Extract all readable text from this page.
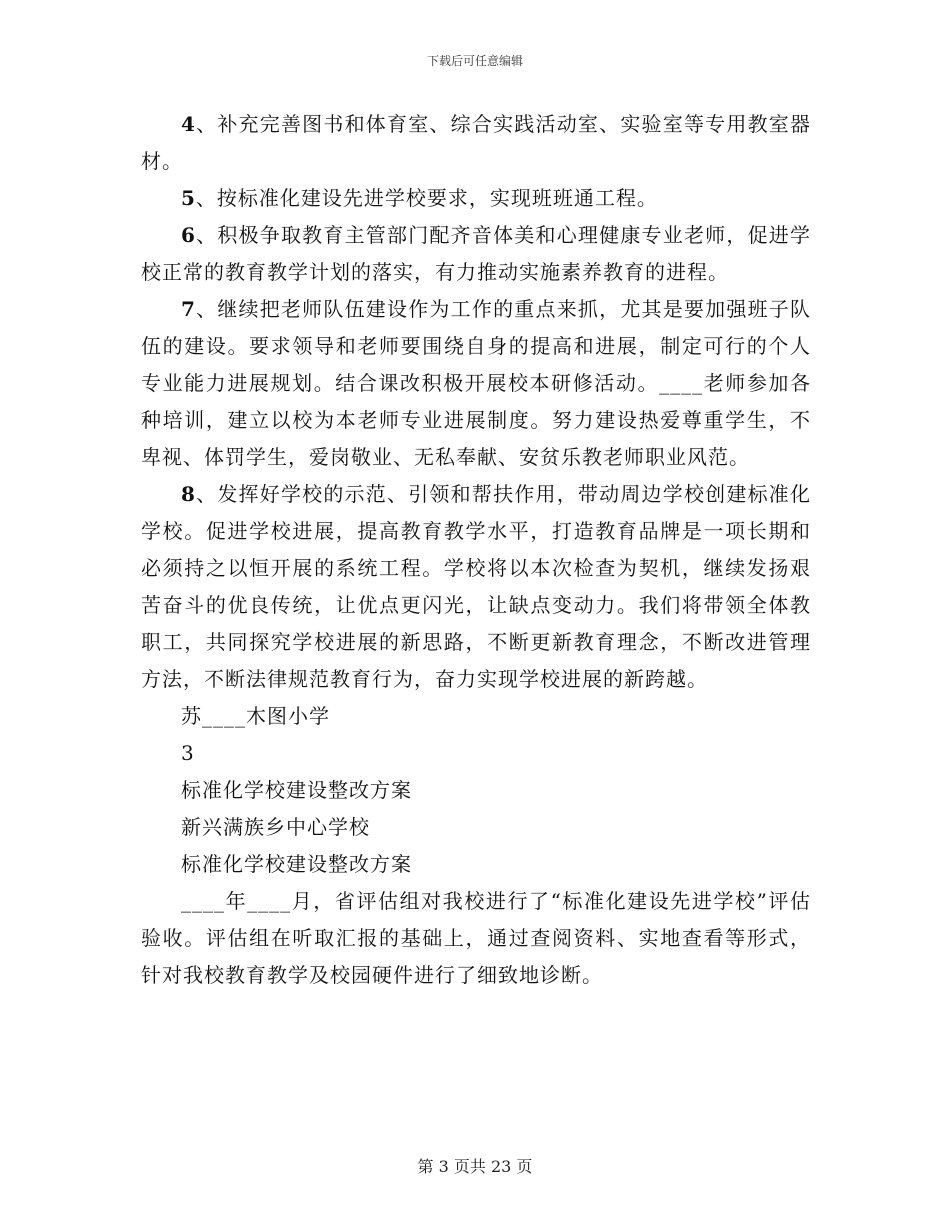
下载后可任意编辑

4、补充完善图书和体育室、综合实践活动室、实验室等专用教室器材。

5、按标准化建设先进学校要求，实现班班通工程。

6、积极争取教育主管部门配齐音体美和心理健康专业老师，促进学校正常的教育教学计划的落实，有力推动实施素养教育的进程。

7、继续把老师队伍建设作为工作的重点来抓，尤其是要加强班子队伍的建设。要求领导和老师要围绕自身的提高和进展，制定可行的个人专业能力进展规划。结合课改积极开展校本研修活动。____老师参加各种培训，建立以校为本老师专业进展制度。努力建设热爱尊重学生，不卑视、体罚学生，爱岗敬业、无私奉献、安贫乐教老师职业风范。

8、发挥好学校的示范、引领和帮扶作用，带动周边学校创建标准化学校。促进学校进展，提高教育教学水平，打造教育品牌是一项长期和必须持之以恒开展的系统工程。学校将以本次检查为契机，继续发扬艰苦奋斗的优良传统，让优点更闪光，让缺点变动力。我们将带领全体教职工，共同探究学校进展的新思路，不断更新教育理念，不断改进管理方法，不断法律规范教育行为，奋力实现学校进展的新跨越。

苏____木图小学

3

标准化学校建设整改方案

新兴满族乡中心学校

标准化学校建设整改方案

____年____月，省评估组对我校进行了“标准化建设先进学校”评估验收。评估组在听取汇报的基础上，通过查阅资料、实地查看等形式，针对我校教育教学及校园硬件进行了细致地诊断。

第 3 页共 23 页
